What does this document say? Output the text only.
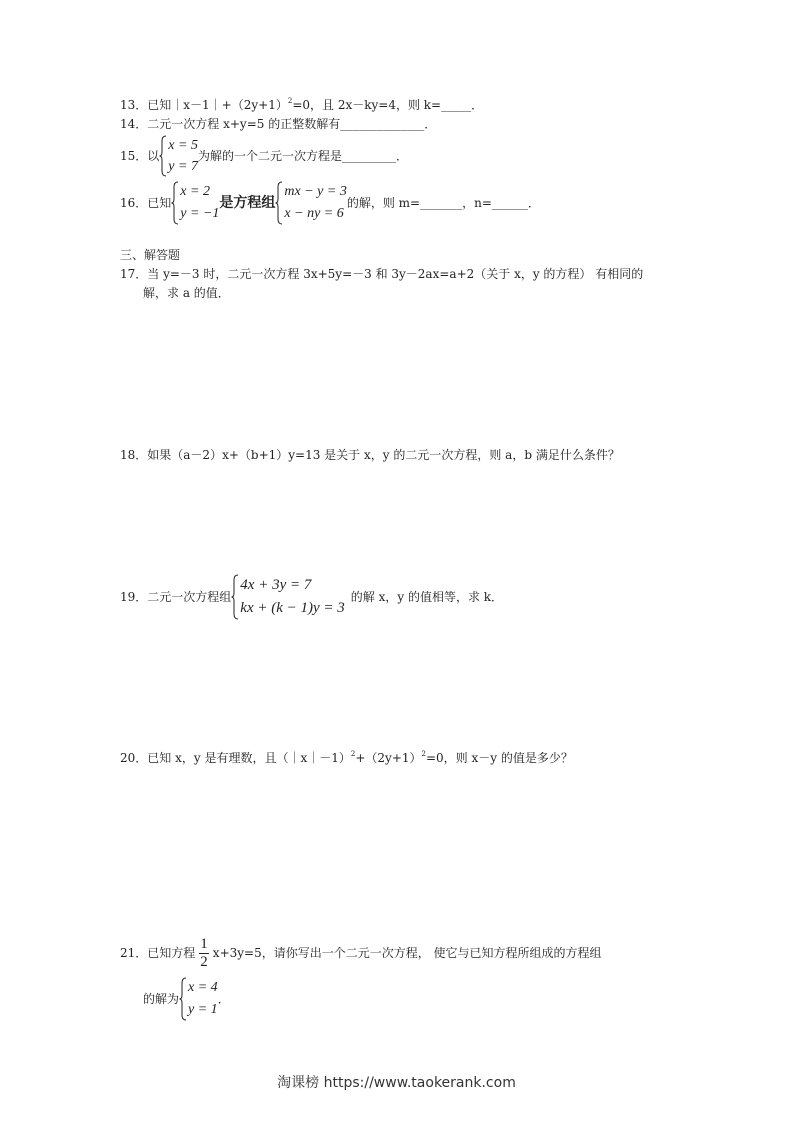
13．已知$|x-1|+(2y+1)^2=0$，且 2x－ky=4，则 k=_____．
14．二元一次方程 x+y=5 的正整数解有______________．
15． 以
x = 5
y = 7
为解的一个二元一次方程是_________．
16． 已知
x = 2
y = −1
是方程组
mx − y = 3
x − ny = 6
的解，则 m=_______，n=______．
三、解答题
17．当 y=－3 时，二元一次方程 3x+5y=－3 和 3y－2ax=a+2（关于 x，y 的方程） 有相同的
解，求 a 的值．
18．如果（a－2）x+（b+1）y=13 是关于 x，y 的二元一次方程，则 a，b 满足什么条件？
19． 二元一次方程组
4x + 3y = 7
kx + (k − 1)y = 3
的解 x，y 的值相等，求 k．
20．已知 x，y 是有理数，且$(|x|-1)^2+(2y+1)^2=0$，则 x－y 的值是多少？
21． 已知方程 $\frac{1}{2} x+3y=5$，请你写出一个二元一次方程， 使它与已知方程所组成的方程组
的解为
x = 4
y = 1
．
淘课榜 https://www.taokerank.com
